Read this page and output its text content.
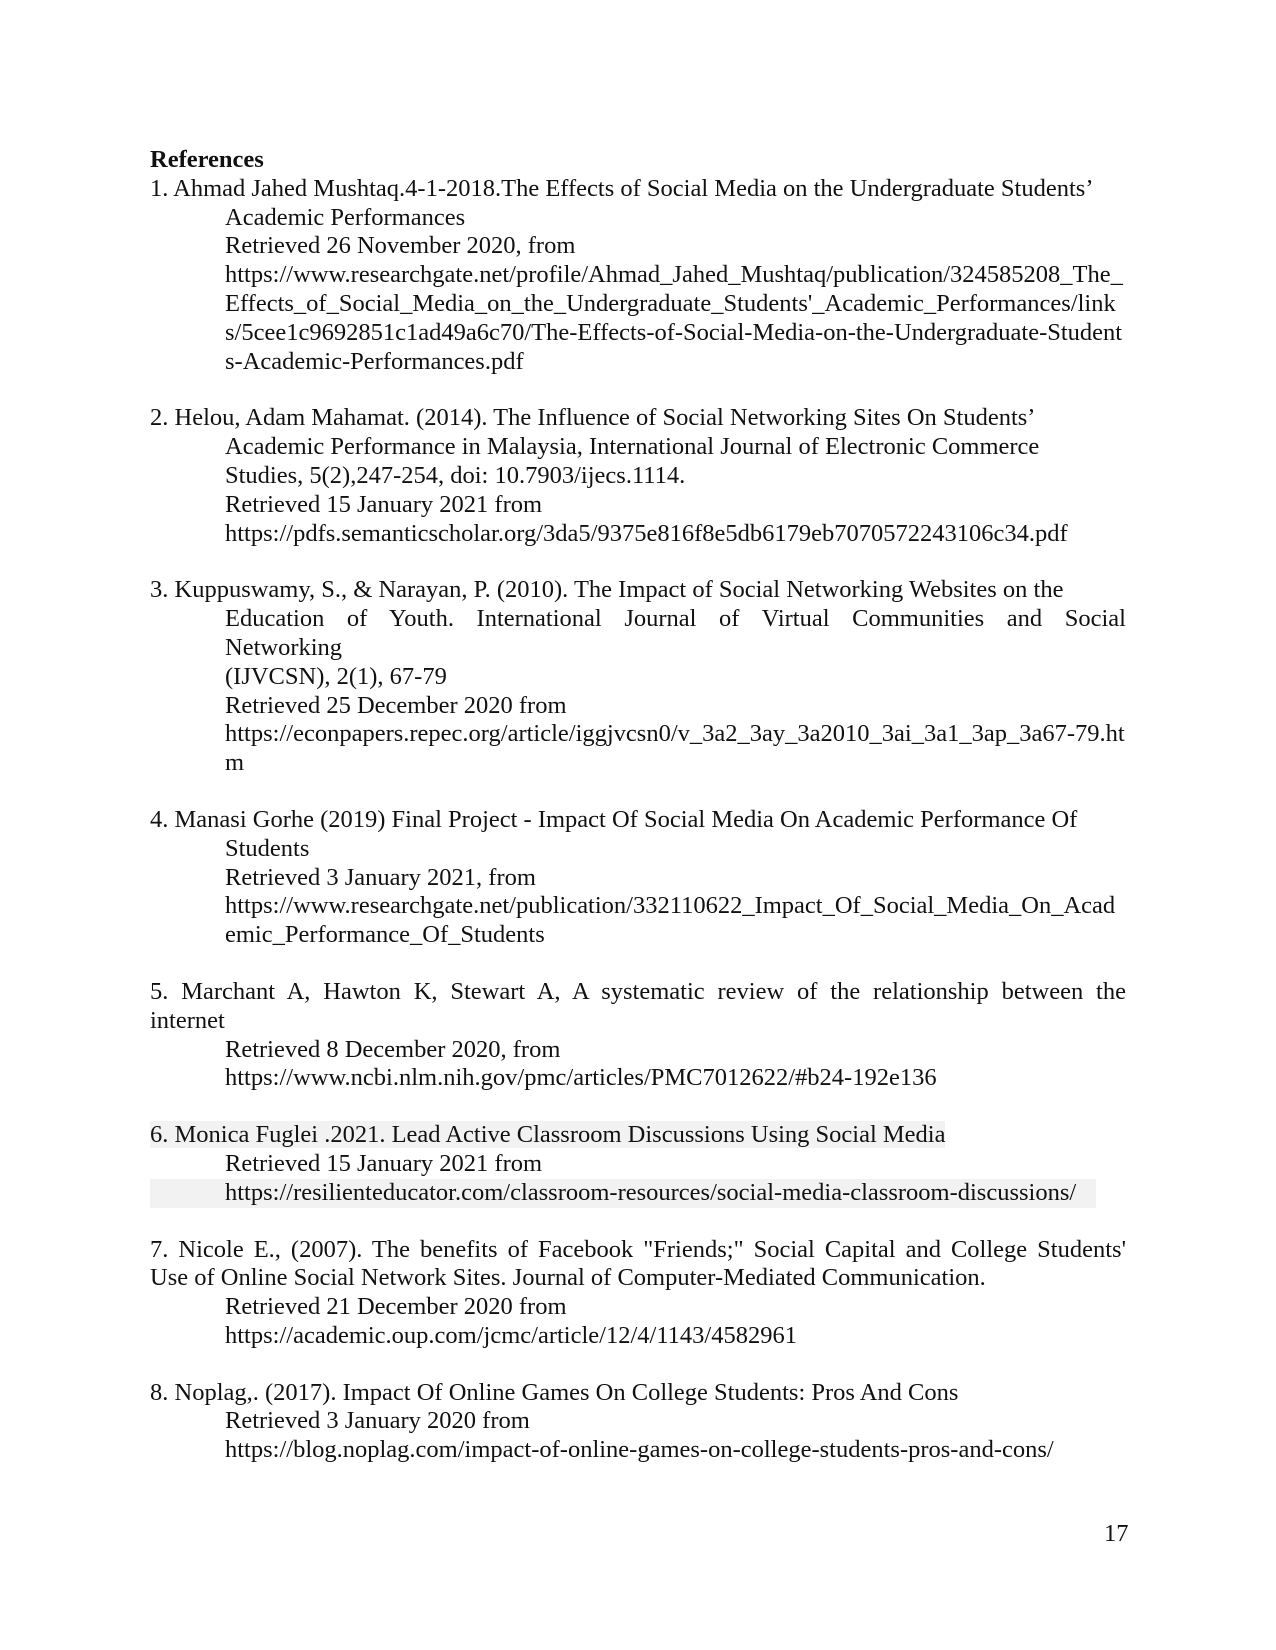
References

1. Ahmad Jahed Mushtaq.4-1-2018.The Effects of Social Media on the Undergraduate Students’
Academic Performances
Retrieved 26 November 2020, from
https://www.researchgate.net/profile/Ahmad_Jahed_Mushtaq/publication/324585208_The_Effects_of_Social_Media_on_the_Undergraduate_Students'_Academic_Performances/links/5cee1c9692851c1ad49a6c70/The-Effects-of-Social-Media-on-the-Undergraduate-Students-Academic-Performances.pdf
2. Helou, Adam Mahamat. (2014). The Influence of Social Networking Sites On Students’
Academic Performance in Malaysia, International Journal of Electronic Commerce
Studies, 5(2),247-254, doi: 10.7903/ijecs.1114.
Retrieved 15 January 2021 from
https://pdfs.semanticscholar.org/3da5/9375e816f8e5db6179eb7070572243106c34.pdf
3. Kuppuswamy, S., & Narayan, P. (2010). The Impact of Social Networking Websites on the
Education of Youth. International Journal of Virtual Communities and Social
Networking
(IJVCSN), 2(1), 67-79
Retrieved 25 December 2020 from
https://econpapers.repec.org/article/iggjvcsn0/v_3a2_3ay_3a2010_3ai_3a1_3ap_3a67-79.htm
4. Manasi Gorhe (2019) Final Project - Impact Of Social Media On Academic Performance Of
Students
Retrieved 3 January 2021, from
https://www.researchgate.net/publication/332110622_Impact_Of_Social_Media_On_Academic_Performance_Of_Students
5. Marchant A, Hawton K, Stewart A, A systematic review of the relationship between the
internet
Retrieved 8 December 2020, from
https://www.ncbi.nlm.nih.gov/pmc/articles/PMC7012622/#b24-192e136
6. Monica Fuglei .2021. Lead Active Classroom Discussions Using Social Media
Retrieved 15 January 2021 from
https://resilienteducator.com/classroom-resources/social-media-classroom-discussions/
7. Nicole E., (2007). The benefits of Facebook "Friends;" Social Capital and College Students'
Use of Online Social Network Sites. Journal of Computer-Mediated Communication.
Retrieved 21 December 2020 from
https://academic.oup.com/jcmc/article/12/4/1143/4582961
8. Noplag,. (2017). Impact Of Online Games On College Students: Pros And Cons
Retrieved 3 January 2020 from
https://blog.noplag.com/impact-of-online-games-on-college-students-pros-and-cons/
17
